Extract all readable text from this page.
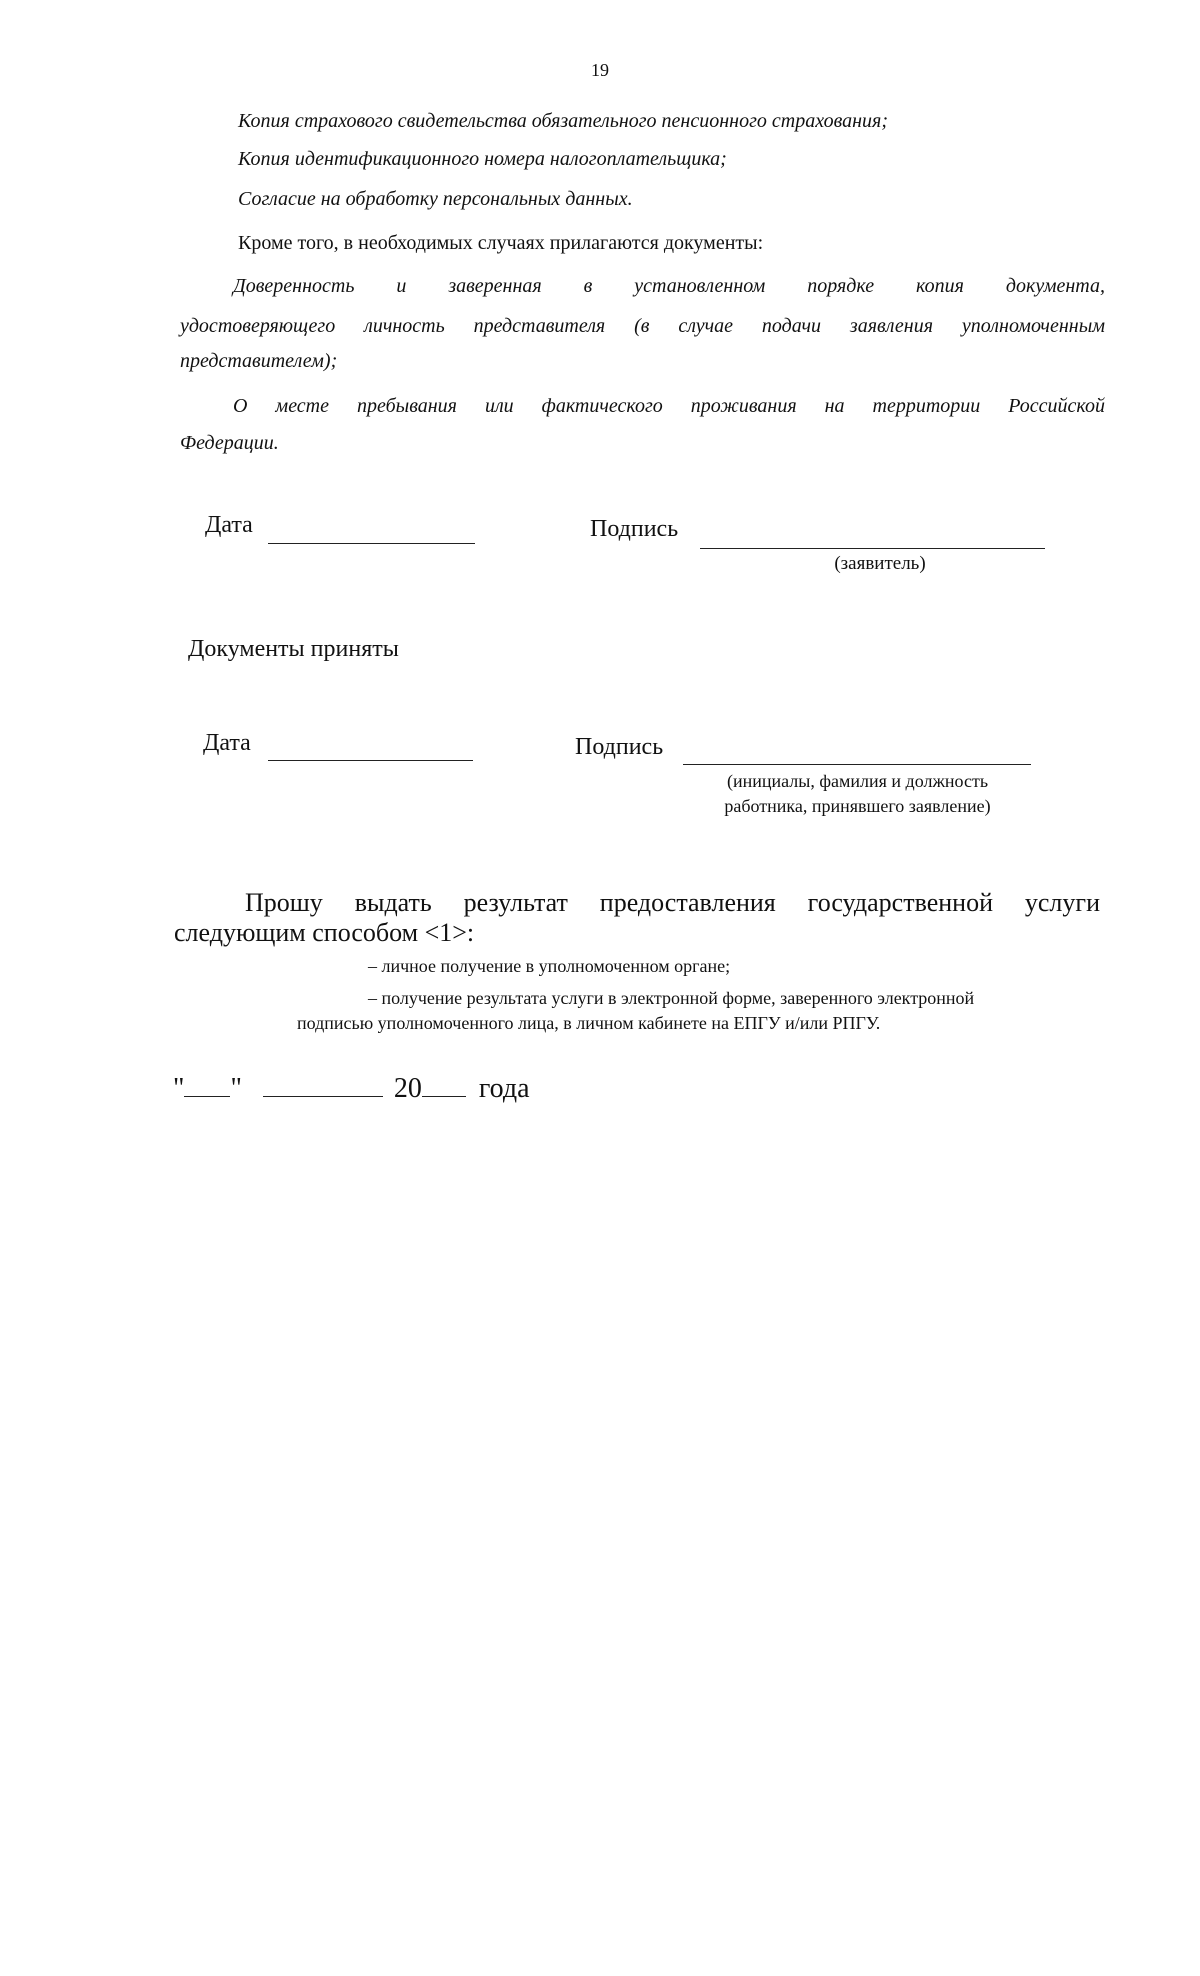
19
Копия страхового свидетельства обязательного пенсионного страхования;
Копия идентификационного номера налогоплательщика;
Согласие на обработку персональных данных.
Кроме того, в необходимых случаях прилагаются документы:
Доверенность и заверенная в установленном порядке копия документа,
удостоверяющего личность представителя (в случае подачи заявления уполномоченным
представителем);
О месте пребывания или фактического проживания на территории Российской
Федерации.
Дата	Подпись
(заявитель)
Документы приняты
Дата	Подпись
(инициалы, фамилия и должность
работника, принявшего заявление)
Прошу выдать результат предоставления государственной услуги
следующим способом <1>:
– личное получение в уполномоченном органе;
– получение результата услуги в электронной форме, заверенного электронной
подписью уполномоченного лица, в личном кабинете на ЕПГУ и/или РПГУ.
" "	20 года
